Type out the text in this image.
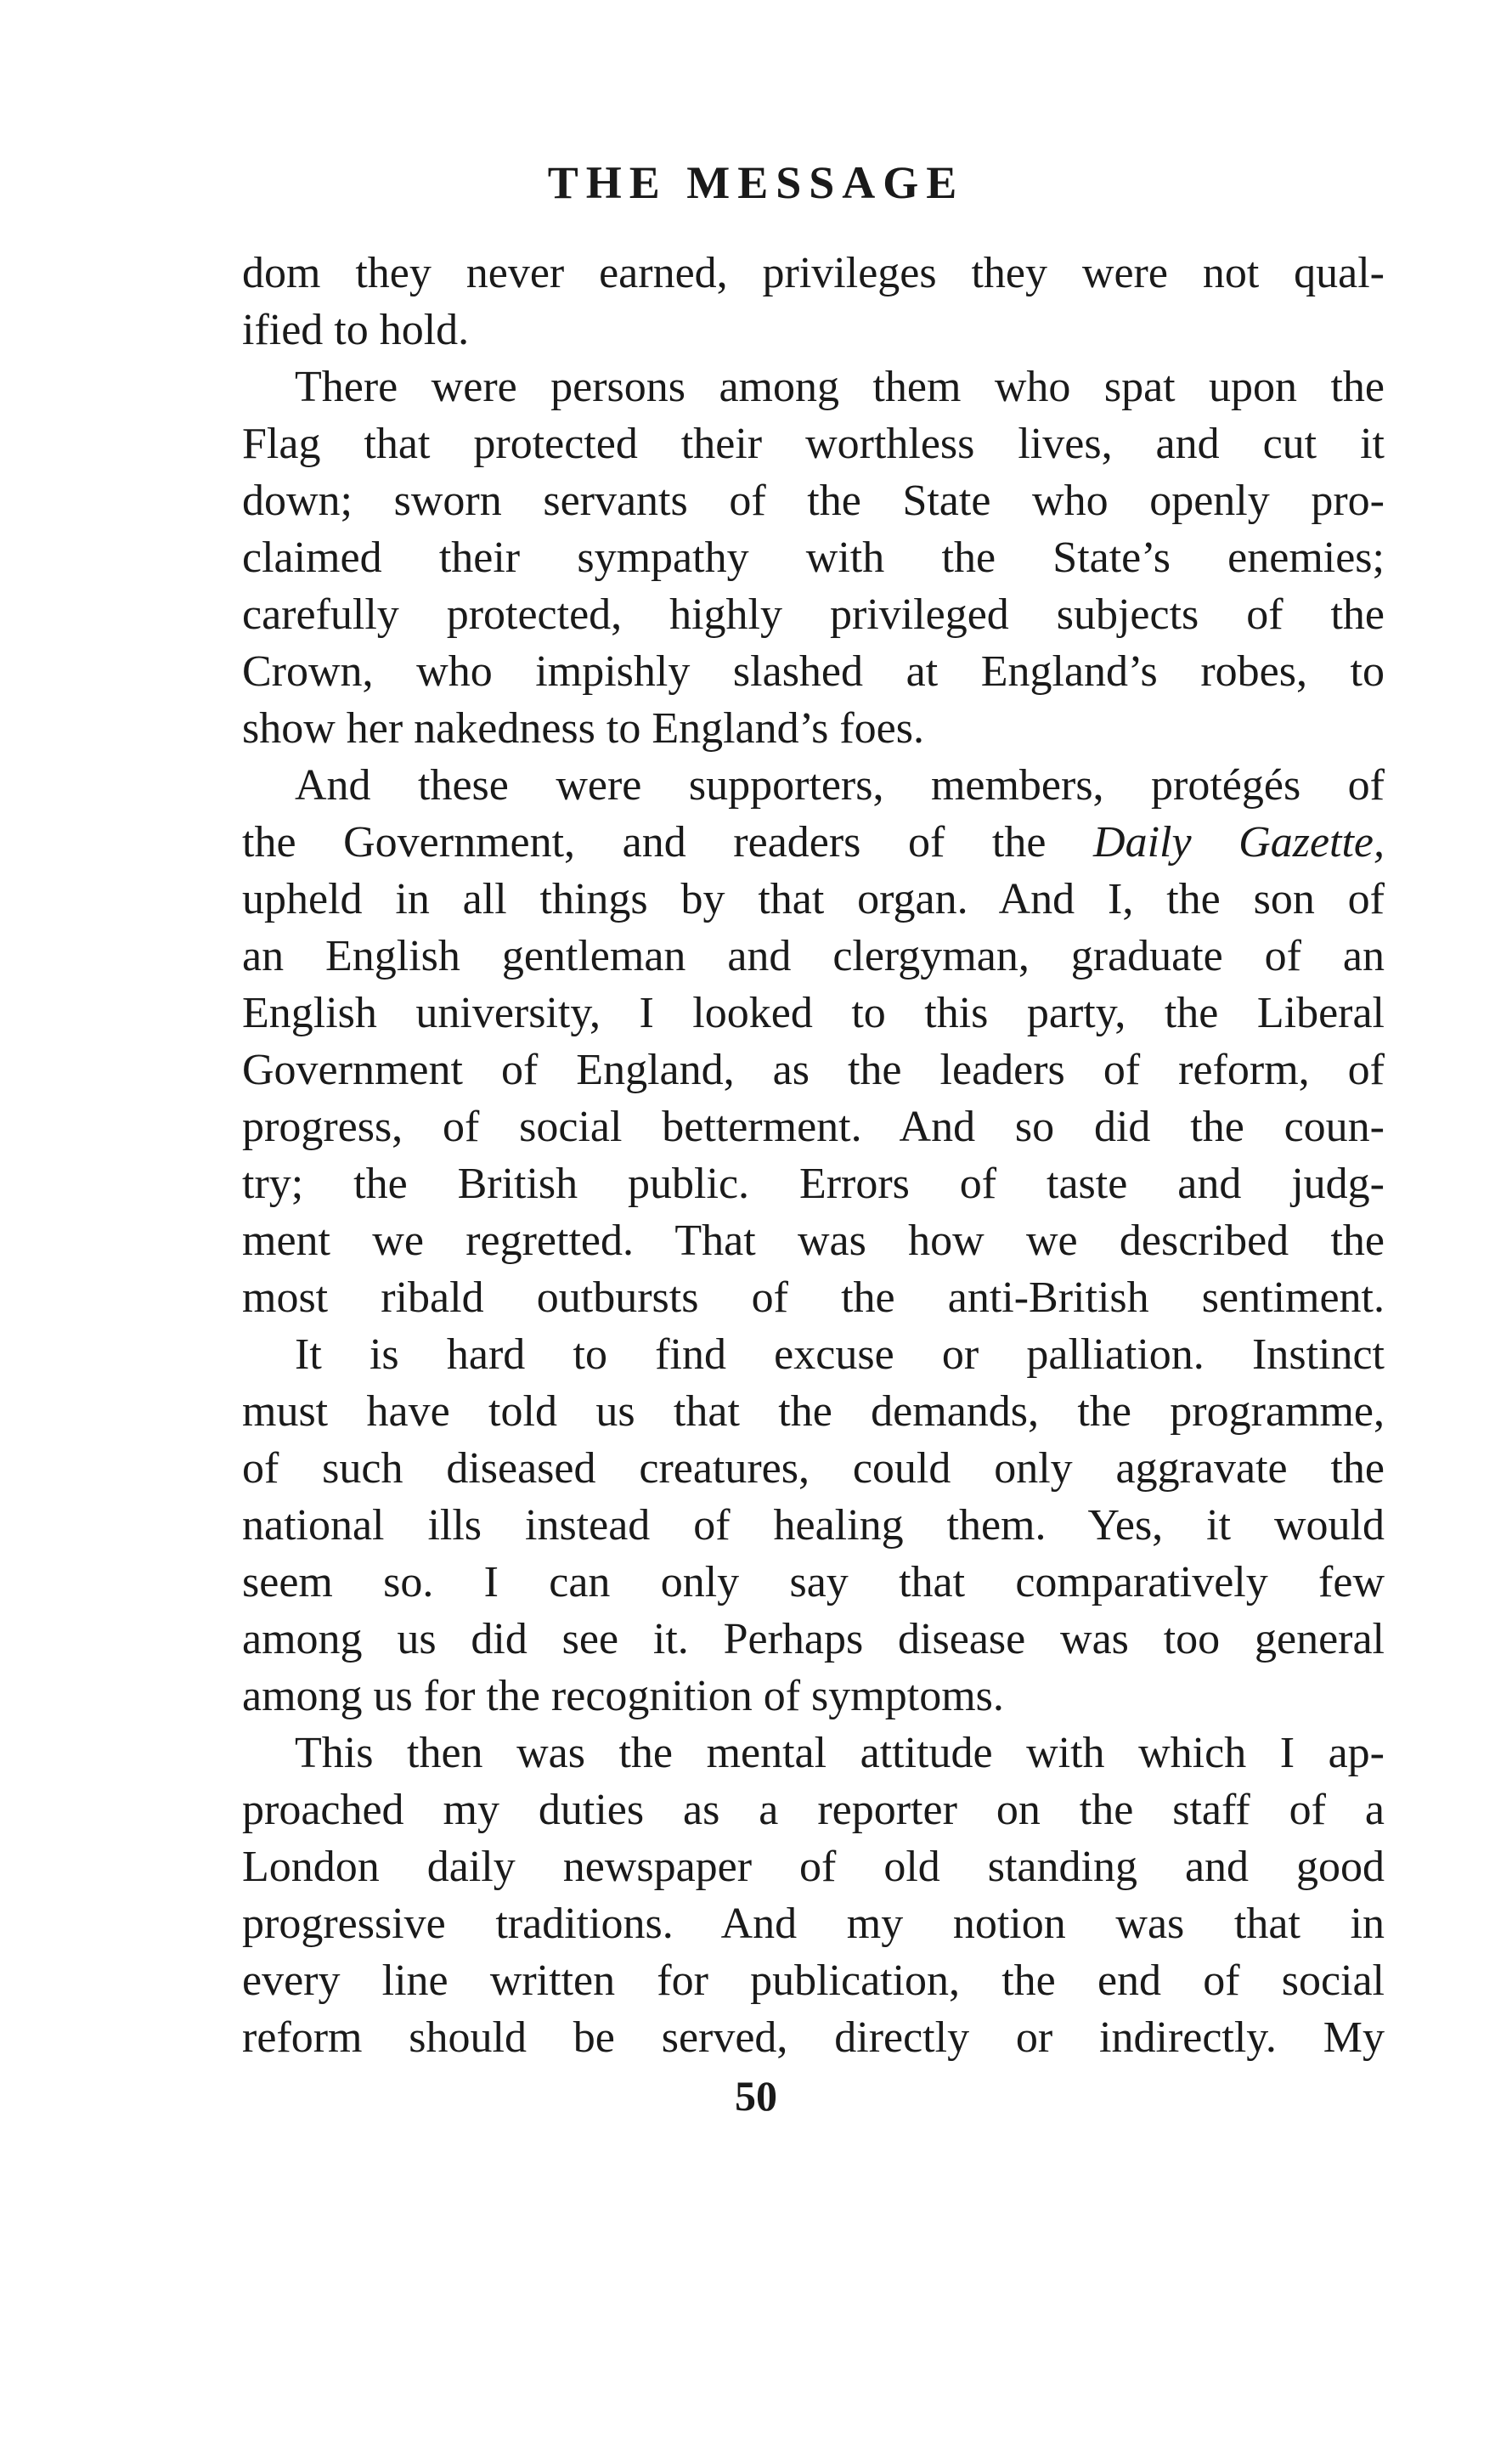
THE MESSAGE
dom they never earned, privileges they were not qual-
ified to hold.
There were persons among them who spat upon the
Flag that protected their worthless lives, and cut it
down; sworn servants of the State who openly pro-
claimed their sympathy with the State’s enemies;
carefully protected, highly privileged subjects of the
Crown, who impishly slashed at England’s robes, to
show her nakedness to England’s foes.
And these were supporters, members, protégés of
the Government, and readers of the Daily Gazette,
upheld in all things by that organ. And I, the son of
an English gentleman and clergyman, graduate of an
English university, I looked to this party, the Liberal
Government of England, as the leaders of reform, of
progress, of social betterment. And so did the coun-
try; the British public. Errors of taste and judg-
ment we regretted. That was how we described the
most ribald outbursts of the anti-British sentiment.
It is hard to find excuse or palliation. Instinct
must have told us that the demands, the programme,
of such diseased creatures, could only aggravate the
national ills instead of healing them. Yes, it would
seem so. I can only say that comparatively few
among us did see it. Perhaps disease was too general
among us for the recognition of symptoms.
This then was the mental attitude with which I ap-
proached my duties as a reporter on the staff of a
London daily newspaper of old standing and good
progressive traditions. And my notion was that in
every line written for publication, the end of social
reform should be served, directly or indirectly. My
50
